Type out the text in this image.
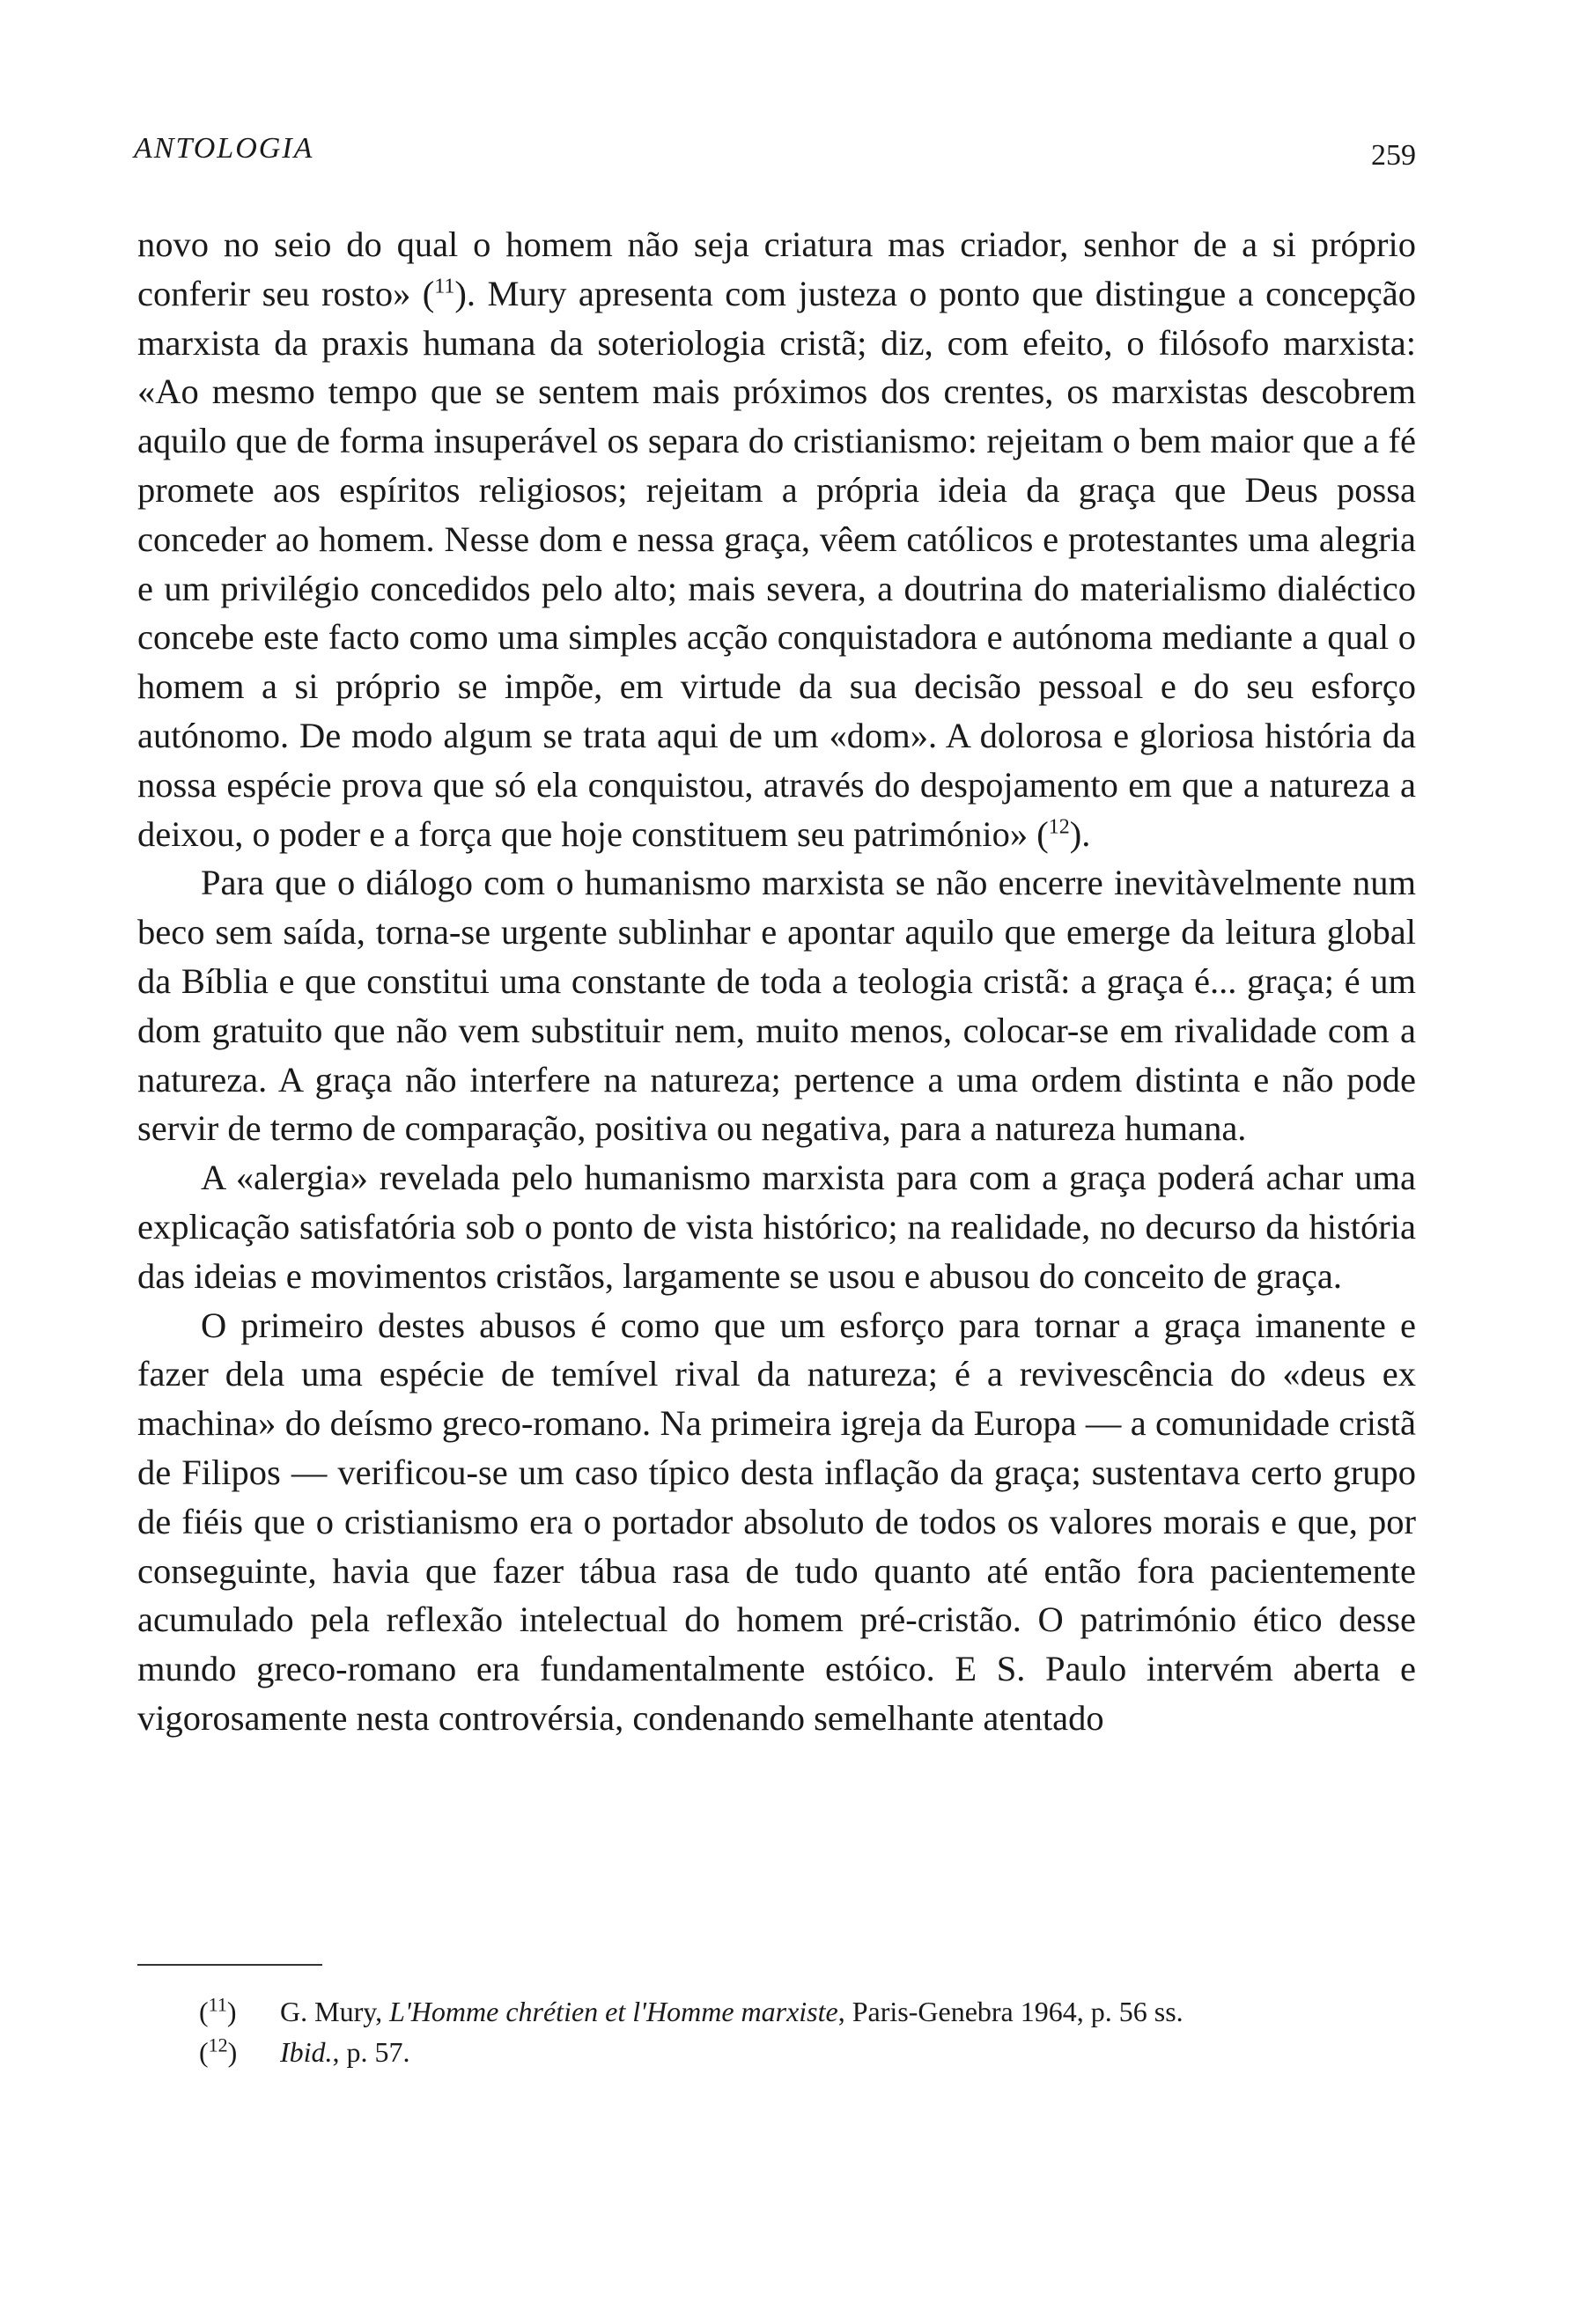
ANTOLOGIA	259

novo no seio do qual o homem não seja criatura mas criador, senhor de a si próprio conferir seu rosto» ($^{11}$). Mury apresenta com justeza o ponto que distingue a concepção marxista da praxis humana da soteriologia cristã; diz, com efeito, o filósofo marxista: «Ao mesmo tempo que se sentem mais próximos dos crentes, os marxistas descobrem aquilo que de forma insuperável os separa do cristianismo: rejeitam o bem maior que a fé promete aos espíritos religiosos; rejeitam a própria ideia da graça que Deus possa conceder ao homem. Nesse dom e nessa graça, vêem católicos e protestantes uma alegria e um privilégio concedidos pelo alto; mais severa, a doutrina do materialismo dialéctico concebe este facto como uma simples acção conquistadora e autónoma mediante a qual o homem a si próprio se impõe, em virtude da sua decisão pessoal e do seu esforço autónomo. De modo algum se trata aqui de um «dom». A dolorosa e gloriosa história da nossa espécie prova que só ela conquistou, através do despojamento em que a natureza a deixou, o poder e a força que hoje constituem seu património» ($^{12}$).

Para que o diálogo com o humanismo marxista se não encerre inevitàvelmente num beco sem saída, torna-se urgente sublinhar e apontar aquilo que emerge da leitura global da Bíblia e que constitui uma constante de toda a teologia cristã: a graça é... graça; é um dom gratuito que não vem substituir nem, muito menos, colocar-se em rivalidade com a natureza. A graça não interfere na natureza; pertence a uma ordem distinta e não pode servir de termo de comparação, positiva ou negativa, para a natureza humana.

A «alergia» revelada pelo humanismo marxista para com a graça poderá achar uma explicação satisfatória sob o ponto de vista histórico; na realidade, no decurso da história das ideias e movimentos cristãos, largamente se usou e abusou do conceito de graça.

O primeiro destes abusos é como que um esforço para tornar a graça imanente e fazer dela uma espécie de temível rival da natureza; é a revivescência do «deus ex machina» do deísmo greco-romano. Na primeira igreja da Europa — a comunidade cristã de Filipos — verificou-se um caso típico desta inflação da graça; sustentava certo grupo de fiéis que o cristianismo era o portador absoluto de todos os valores morais e que, por conseguinte, havia que fazer tábua rasa de tudo quanto até então fora pacientemente acumulado pela reflexão intelectual do homem pré-cristão. O património ético desse mundo greco-romano era fundamentalmente estóico. E S. Paulo intervém aberta e vigorosamente nesta controvérsia, condenando semelhante atentado

($^{11}$) G. Mury, L'Homme chrétien et l'Homme marxiste, Paris-Genebra 1964, p. 56 ss.
($^{12}$) Ibid., p. 57.
